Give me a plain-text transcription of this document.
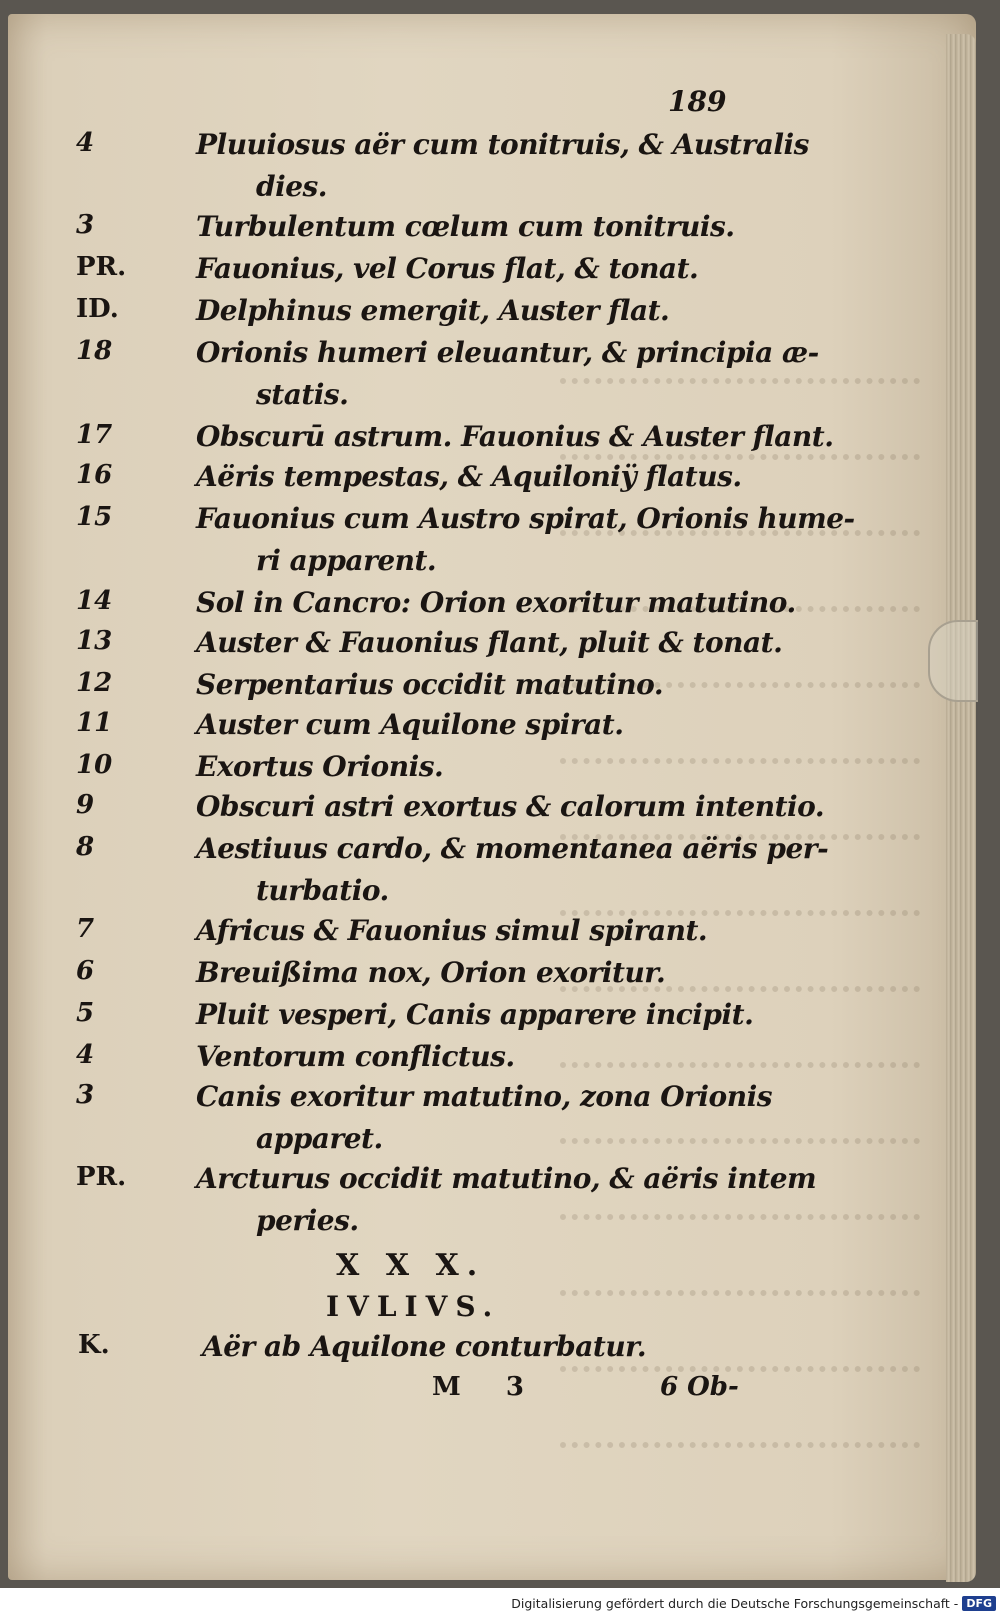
189
4	Pluuiosus aër cum tonitruis, & Australis
dies.
3	Turbulentum cœlum cum tonitruis.
PR. Fauonius, vel Corus flat, & tonat.
ID.	Delphinus emergit, Auster flat.
18	Orionis humeri eleuantur, & principia æ-
statis.
17	Obscurū astrum. Fauonius & Auster flant.
16	Aëris tempestas, & Aquiloniÿ flatus.
15	Fauonius cum Austro spirat, Orionis hume-
ri apparent.
14	Sol in Cancro: Orion exoritur matutino.
13	Auster & Fauonius flant, pluit & tonat.
12	Serpentarius occidit matutino.
11	Auster cum Aquilone spirat.
10	Exortus Orionis.
9	Obscuri astri exortus & calorum intentio.
8	Aestiuus cardo, & momentanea aëris per-
turbatio.
7	Africus & Fauonius simul spirant.
6	Breuißima nox, Orion exoritur.
5	Pluit vesperi, Canis apparere incipit.
4	Ventorum conflictus.
3	Canis exoritur matutino, zona Orionis
apparet.
PR. Arcturus occidit matutino, & aëris intem
peries.
X X X.
IVLIVS.
K.	Aër ab Aquilone conturbatur.
M 3	6 Ob-
Digitalisierung gefördert durch die Deutsche Forschungsgemeinschaft - DFG
